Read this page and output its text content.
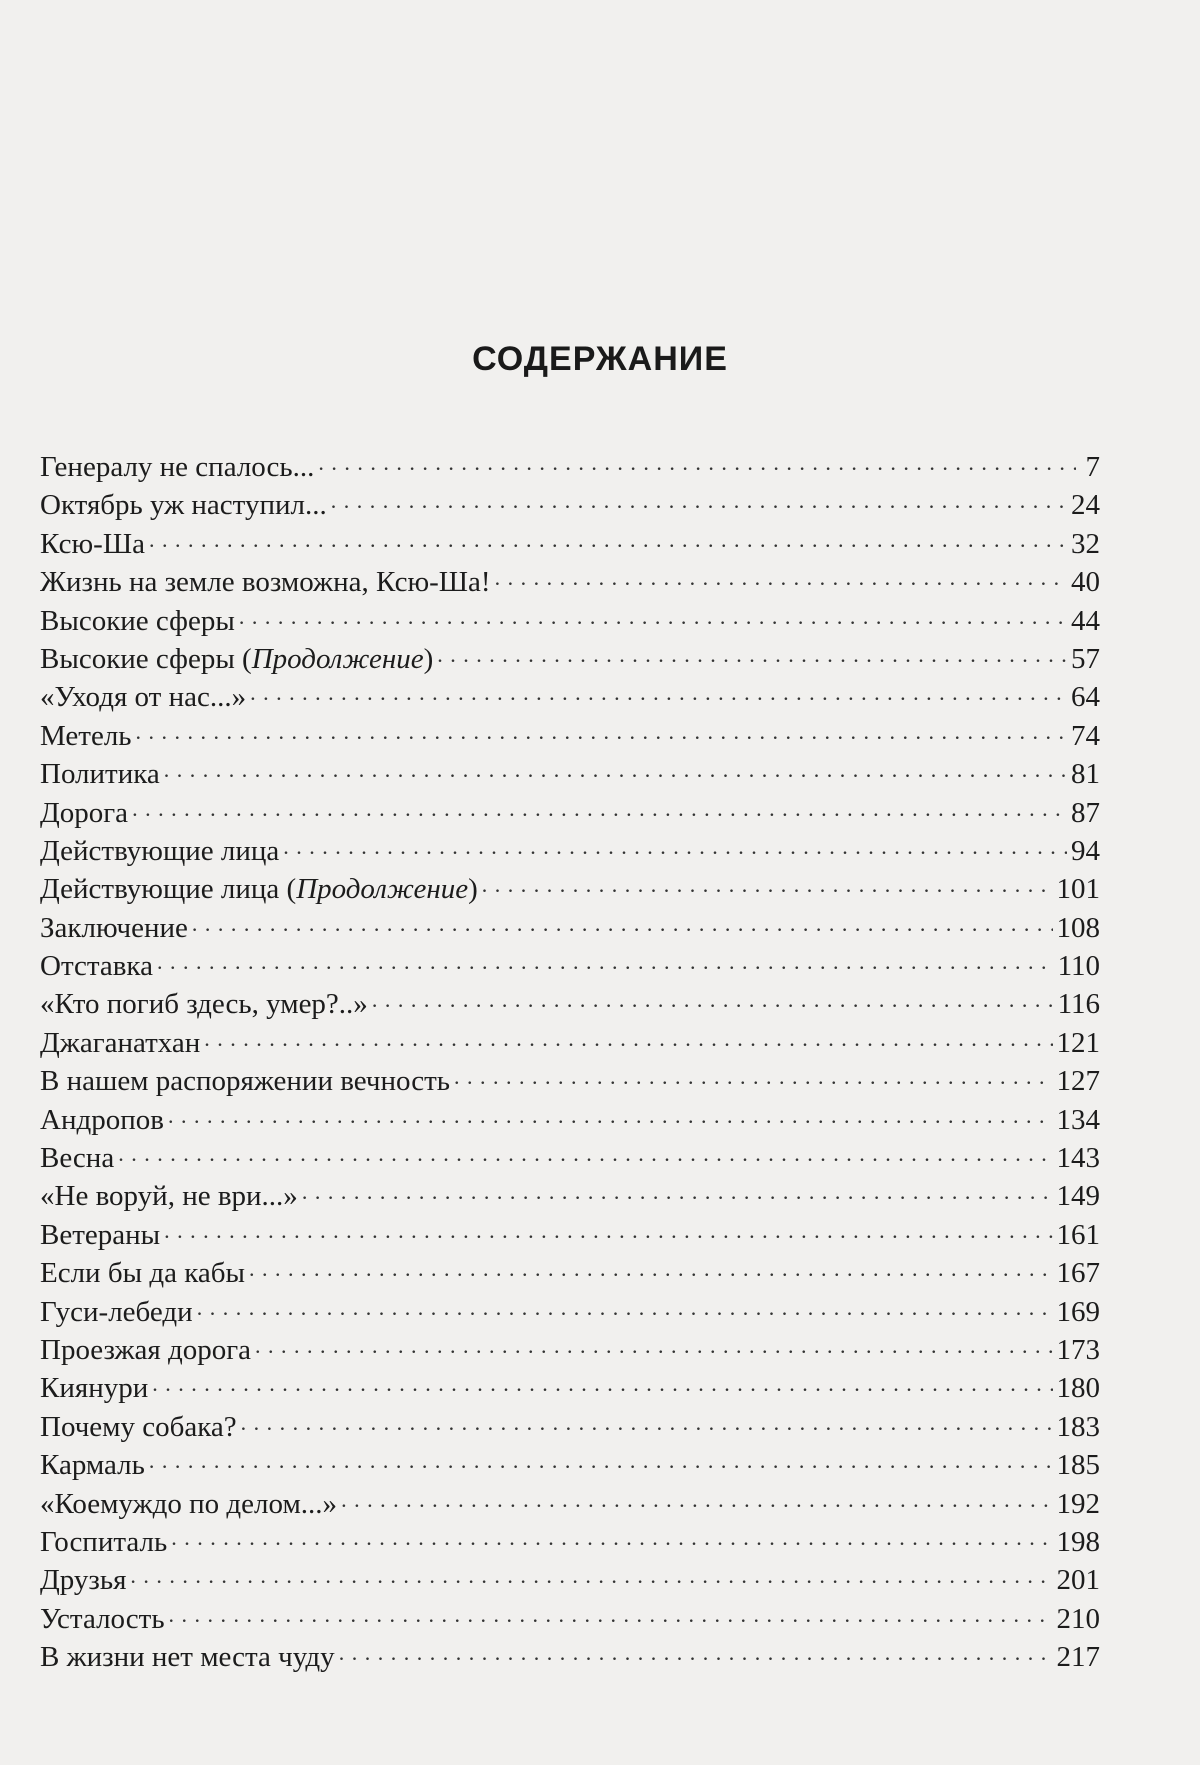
СОДЕРЖАНИЕ
Генералу не спалось... . . .	7
Октябрь уж наступил... . . .	24
Ксю-Ша . . .	32
Жизнь на земле возможна, Ксю-Ша! . . .	40
Высокие сферы . . .	44
Высокие сферы (Продолжение) . . .	57
«Уходя от нас...» . . .	64
Метель . . .	74
Политика . . .	81
Дорога . . .	87
Действующие лица . . .	94
Действующие лица (Продолжение) . . .	101
Заключение . . .	108
Отставка . . .	110
«Кто погиб здесь, умер?..» . . .	116
Джаганатхан . . .	121
В нашем распоряжении вечность . . .	127
Андропов . . .	134
Весна . . .	143
«Не воруй, не ври...» . . .	149
Ветераны . . .	161
Если бы да кабы . . .	167
Гуси-лебеди . . .	169
Проезжая дорога . . .	173
Киянури . . .	180
Почему собака? . . .	183
Кармаль . . .	185
«Коемуждо по делом...» . . .	192
Госпиталь . . .	198
Друзья . . .	201
Усталость . . .	210
В жизни нет места чуду . . .	217
